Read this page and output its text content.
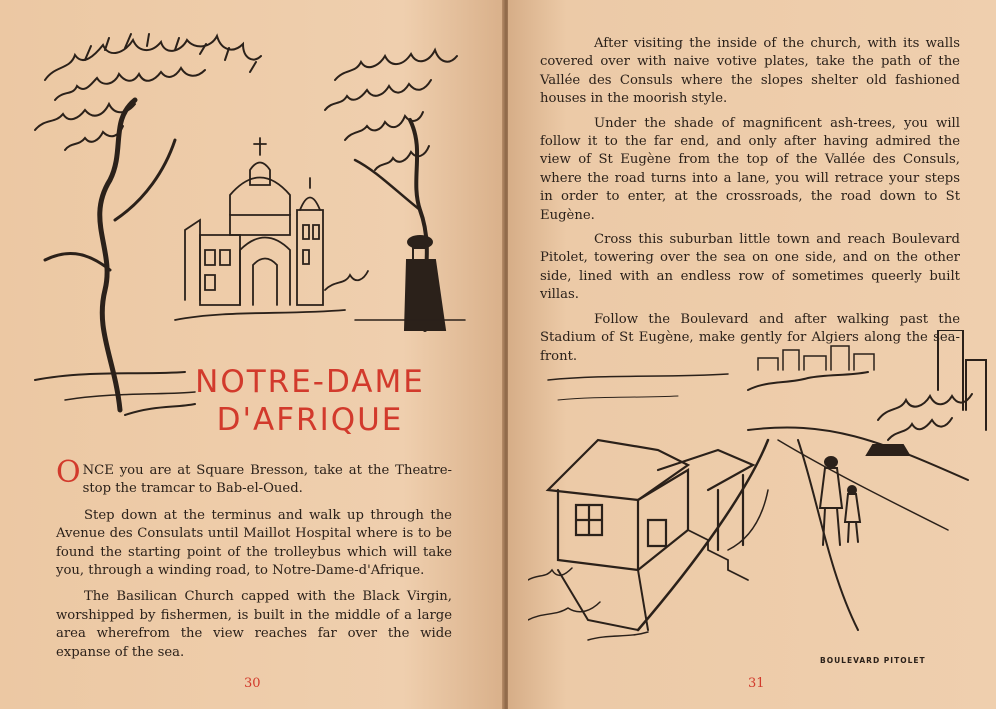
NOTRE-DAME
D'AFRIQUE

ONCE you are at Square Bresson, take at the Theatre-stop the tramcar to Bab-el-Oued.

Step down at the terminus and walk up through the Avenue des Consulats until Maillot Hospital where is to be found the starting point of the trolleybus which will take you, through a winding road, to Notre-Dame-d'Afrique.

The Basilican Church capped with the Black Virgin, worshipped by fishermen, is built in the middle of a large area wherefrom the view reaches far over the wide expanse of the sea.

30

After visiting the inside of the church, with its walls covered over with naive votive plates, take the path of the Vallée des Consuls where the slopes shelter old fashioned houses in the moorish style.

Under the shade of magnificent ash-trees, you will follow it to the far end, and only after having admired the view of St Eugène from the top of the Vallée des Consuls, where the road turns into a lane, you will retrace your steps in order to enter, at the crossroads, the road down to St Eugène.

Cross this suburban little town and reach Boulevard Pitolet, towering over the sea on one side, and on the other side, lined with an endless row of sometimes queerly built villas.

Follow the Boulevard and after walking past the Stadium of St Eugène, make gently for Algiers along the sea-front.

BOULEVARD PITOLET
31
